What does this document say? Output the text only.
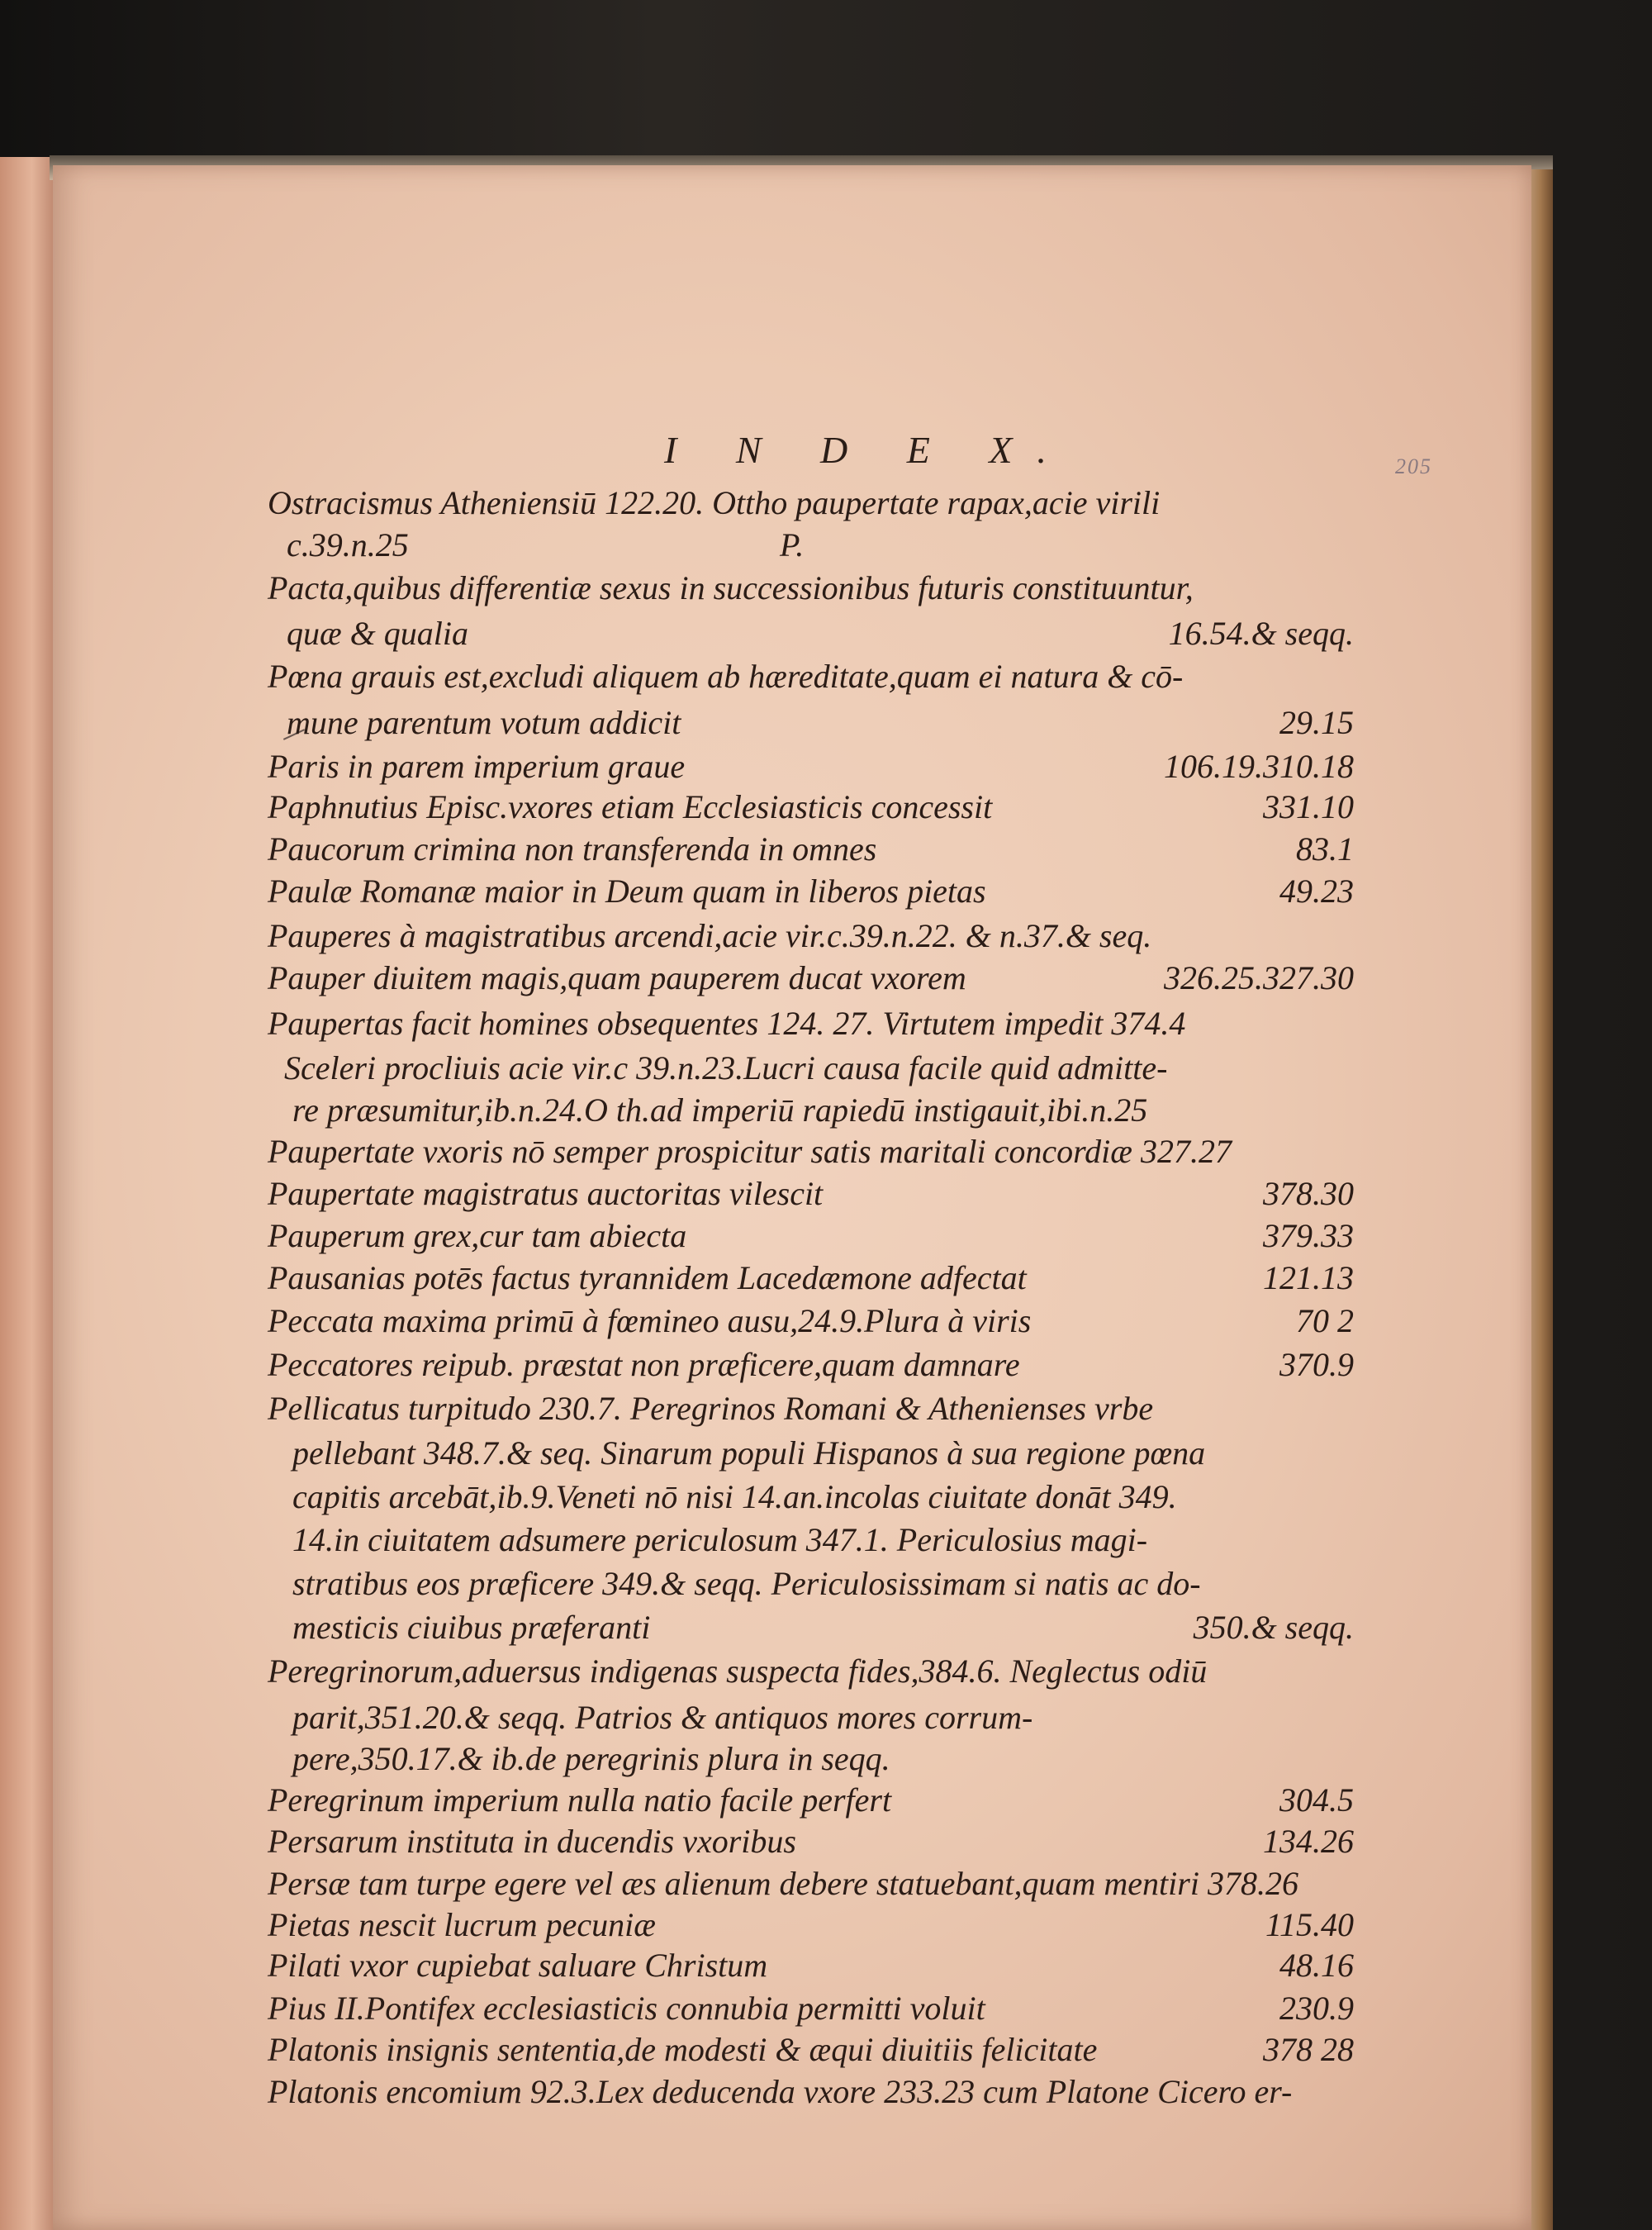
I N D E X.	205
Ostracismus Atheniensiū 122.20. Ottho paupertate rapax,acie virili
c.39.n.25	P.
Pacta,quibus differentiæ sexus in successionibus futuris constituuntur,
quæ & qualia	16.54.& seqq.
Pœna grauis est,excludi aliquem ab hæreditate,quam ei natura & cō-
mune parentum votum addicit	29.15
Paris in parem imperium graue	106.19.310.18
Paphnutius Episc.vxores etiam Ecclesiasticis concessit	331.10
Paucorum crimina non transferenda in omnes	83.1
Paulæ Romanæ maior in Deum quam in liberos pietas	49.23
Pauperes à magistratibus arcendi,acie vir.c.39.n.22. & n.37.& seq.
Pauper diuitem magis,quam pauperem ducat vxorem	326.25.327.30
Paupertas facit homines obsequentes 124. 27. Virtutem impedit 374.4
Sceleri procliuis acie vir.c 39.n.23.Lucri causa facile quid admitte-
re præsumitur,ib.n.24.O th.ad imperiū rapiedū instigauit,ibi.n.25
Paupertate vxoris nō semper prospicitur satis maritali concordiæ 327.27
Paupertate magistratus auctoritas vilescit	378.30
Pauperum grex,cur tam abiecta	379.33
Pausanias potēs factus tyrannidem Lacedæmone adfectat	121.13
Peccata maxima primū à fœmineo ausu,24.9.Plura à viris	70 2
Peccatores reipub. præstat non præficere,quam damnare	370.9
Pellicatus turpitudo 230.7. Peregrinos Romani & Athenienses vrbe
pellebant 348.7.& seq. Sinarum populi Hispanos à sua regione pœna
capitis arcebāt,ib.9.Veneti nō nisi 14.an.incolas ciuitate donāt 349.
14.in ciuitatem adsumere periculosum 347.1. Periculosius magi-
stratibus eos præficere 349.& seqq. Periculosissimam si natis ac do-
mesticis ciuibus præferanti	350.& seqq.
Peregrinorum,aduersus indigenas suspecta fides,384.6. Neglectus odiū
parit,351.20.& seqq. Patrios & antiquos mores corrum-
pere,350.17.& ib.de peregrinis plura in seqq.
Peregrinum imperium nulla natio facile perfert	304.5
Persarum instituta in ducendis vxoribus	134.26
Persæ tam turpe egere vel æs alienum debere statuebant,quam mentiri 378.26
Pietas nescit lucrum pecuniæ	115.40
Pilati vxor cupiebat saluare Christum	48.16
Pius II.Pontifex ecclesiasticis connubia permitti voluit	230.9
Platonis insignis sententia,de modesti & æqui diuitiis felicitate	378 28
Platonis encomium 92.3.Lex deducenda vxore 233.23 cum Platone Cicero er-
